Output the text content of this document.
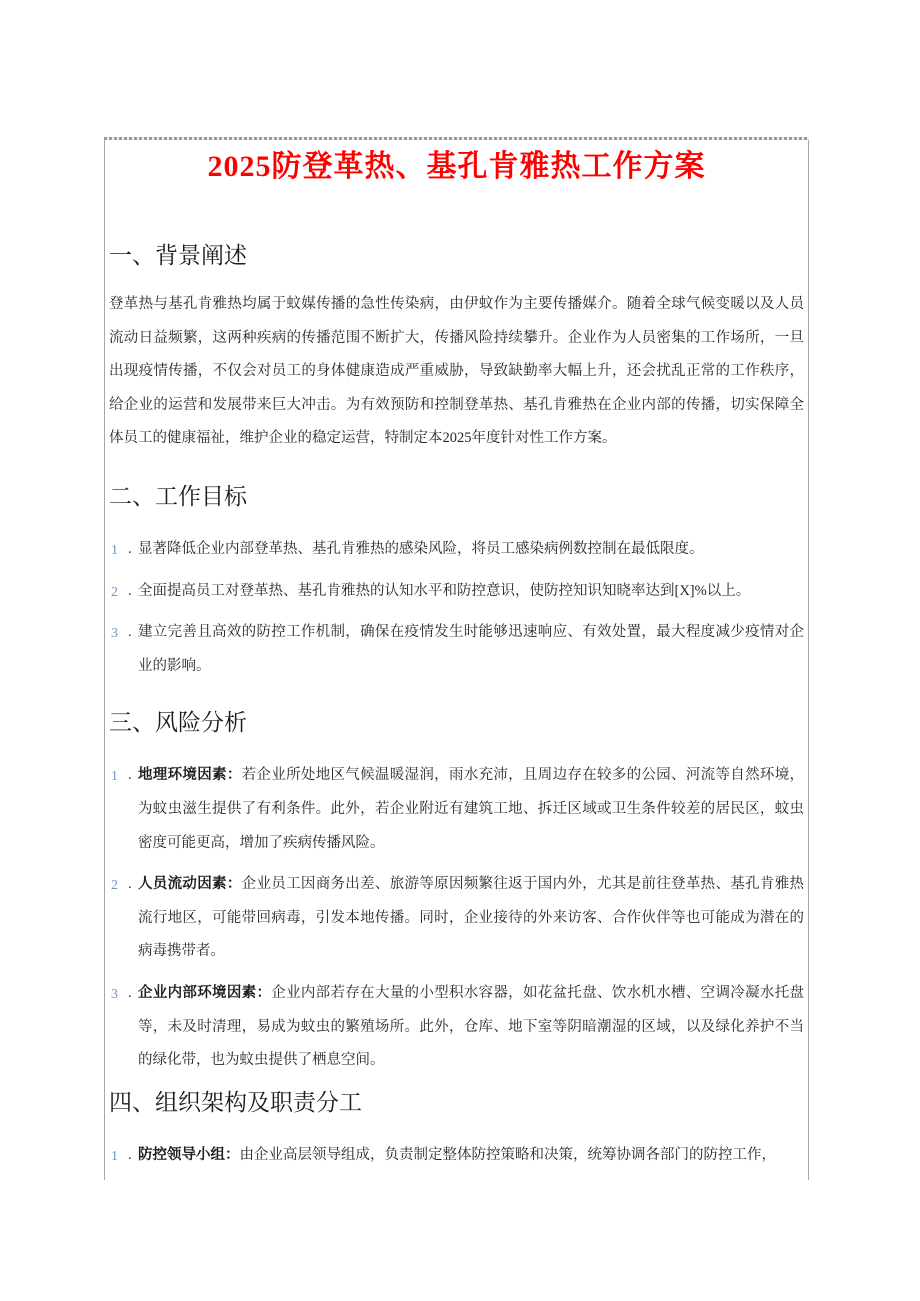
2025防登革热、基孔肯雅热工作方案
一、背景阐述

登革热与基孔肯雅热均属于蚊媒传播的急性传染病，由伊蚊作为主要传播媒介。随着全球气候变暖以及人员流动日益频繁，这两种疾病的传播范围不断扩大，传播风险持续攀升。企业作为人员密集的工作场所，一旦出现疫情传播，不仅会对员工的身体健康造成严重威胁，导致缺勤率大幅上升，还会扰乱正常的工作秩序，给企业的运营和发展带来巨大冲击。为有效预防和控制登革热、基孔肯雅热在企业内部的传播，切实保障全体员工的健康福祉，维护企业的稳定运营，特制定本2025年度针对性工作方案。

二、工作目标
1 . 显著降低企业内部登革热、基孔肯雅热的感染风险，将员工感染病例数控制在最低限度。
2 . 全面提高员工对登革热、基孔肯雅热的认知水平和防控意识，使防控知识知晓率达到[X]%以上。
3 . 建立完善且高效的防控工作机制，确保在疫情发生时能够迅速响应、有效处置，最大程度减少疫情对企业的影响。
三、风险分析
1 . 地理环境因素：若企业所处地区气候温暖湿润，雨水充沛，且周边存在较多的公园、河流等自然环境，为蚊虫滋生提供了有利条件。此外，若企业附近有建筑工地、拆迁区域或卫生条件较差的居民区，蚊虫密度可能更高，增加了疾病传播风险。
2 . 人员流动因素：企业员工因商务出差、旅游等原因频繁往返于国内外，尤其是前往登革热、基孔肯雅热流行地区，可能带回病毒，引发本地传播。同时，企业接待的外来访客、合作伙伴等也可能成为潜在的病毒携带者。
3 . 企业内部环境因素：企业内部若存在大量的小型积水容器，如花盆托盘、饮水机水槽、空调冷凝水托盘等，未及时清理，易成为蚊虫的繁殖场所。此外，仓库、地下室等阴暗潮湿的区域，以及绿化养护不当的绿化带，也为蚊虫提供了栖息空间。
四、组织架构及职责分工
1 . 防控领导小组：由企业高层领导组成，负责制定整体防控策略和决策，统筹协调各部门的防控工作，
